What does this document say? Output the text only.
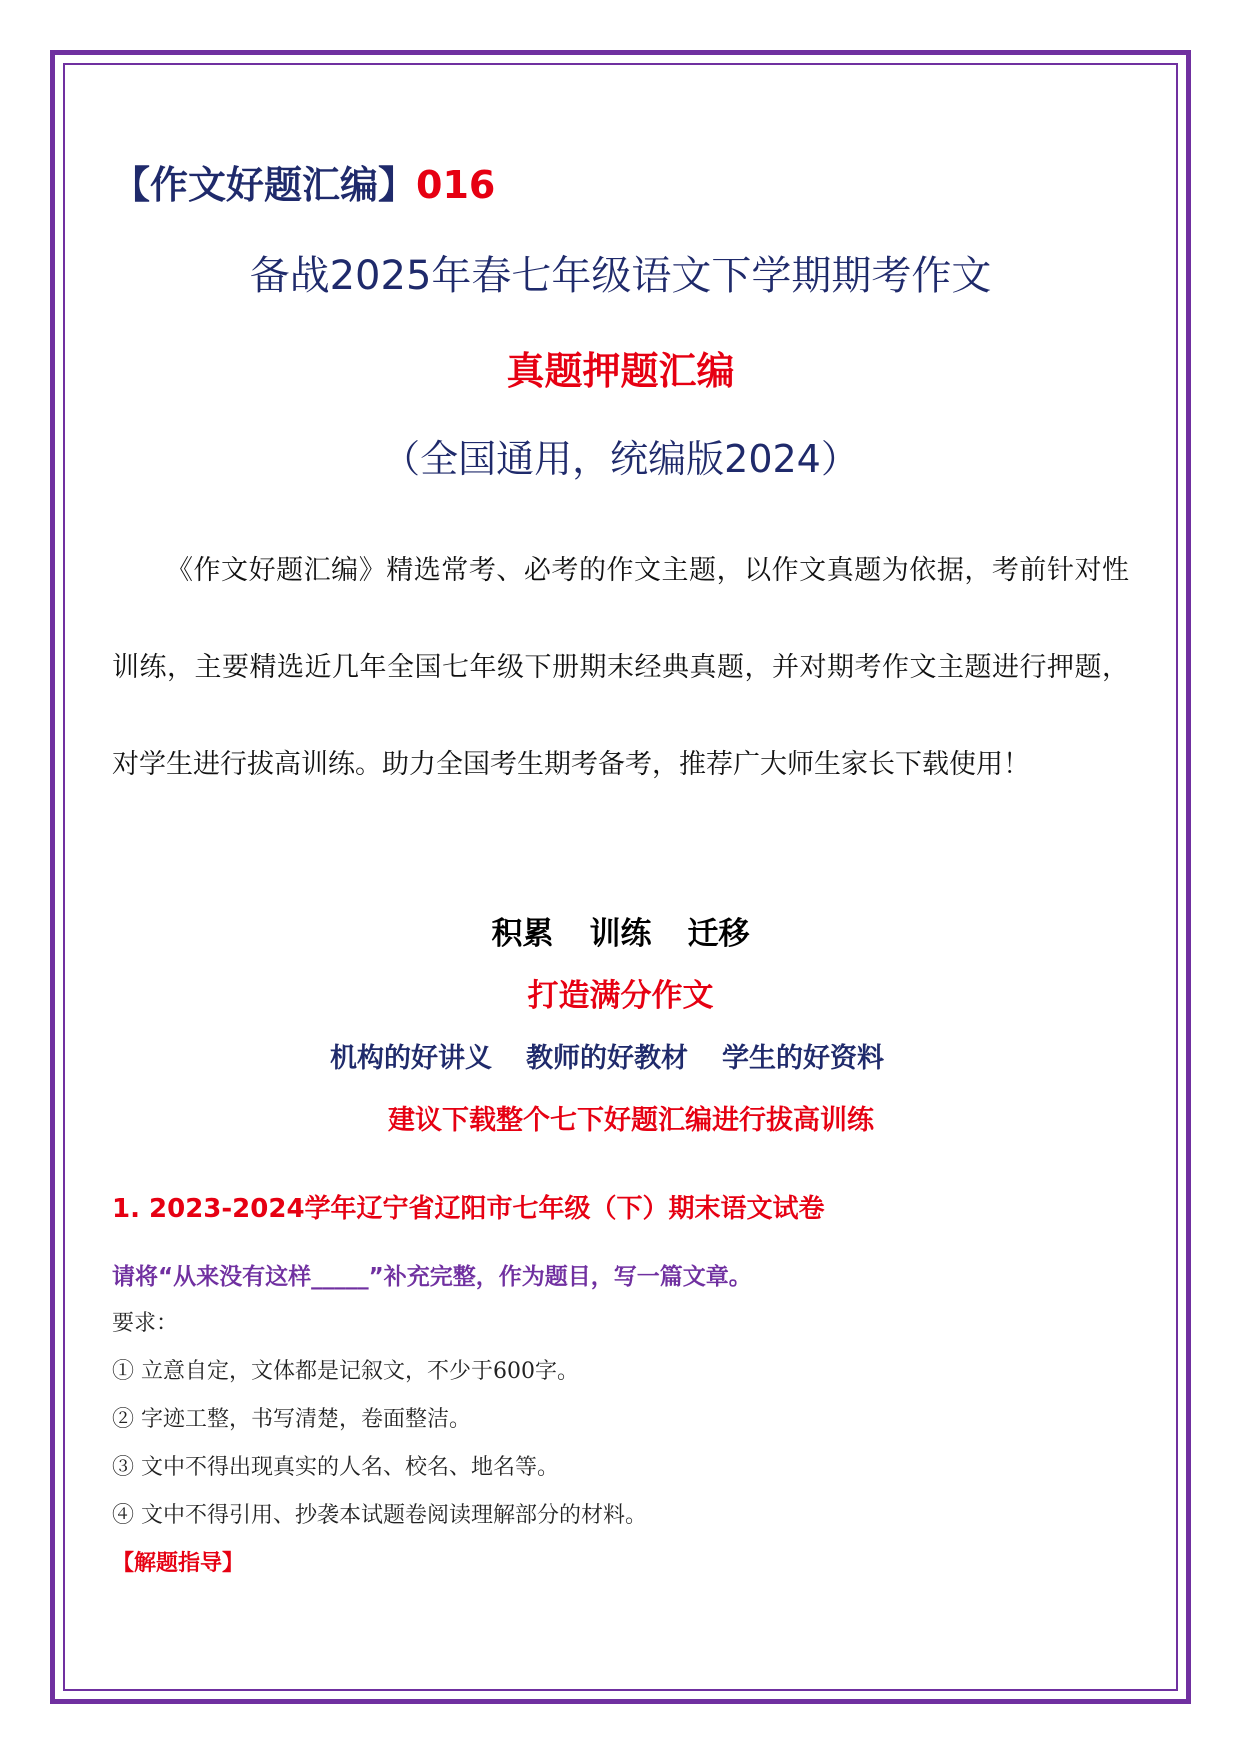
【作文好题汇编】016
备战2025年春七年级语文下学期期考作文
真题押题汇编
（全国通用，统编版2024）

《作文好题汇编》精选常考、必考的作文主题，以作文真题为依据，考前针对性训练，主要精选近几年全国七年级下册期末经典真题，并对期考作文主题进行押题，对学生进行拔高训练。助力全国考生期考备考，推荐广大师生家长下载使用！

积累 训练 迁移
打造满分作文
机构的好讲义 教师的好教材 学生的好资料
建议下载整个七下好题汇编进行拔高训练
1. 2023-2024学年辽宁省辽阳市七年级（下）期末语文试卷
请将“从来没有这样_____”补充完整，作为题目，写一篇文章。
要求：
① 立意自定，文体都是记叙文，不少于600字。
② 字迹工整，书写清楚，卷面整洁。
③ 文中不得出现真实的人名、校名、地名等。
④ 文中不得引用、抄袭本试题卷阅读理解部分的材料。
【解题指导】
